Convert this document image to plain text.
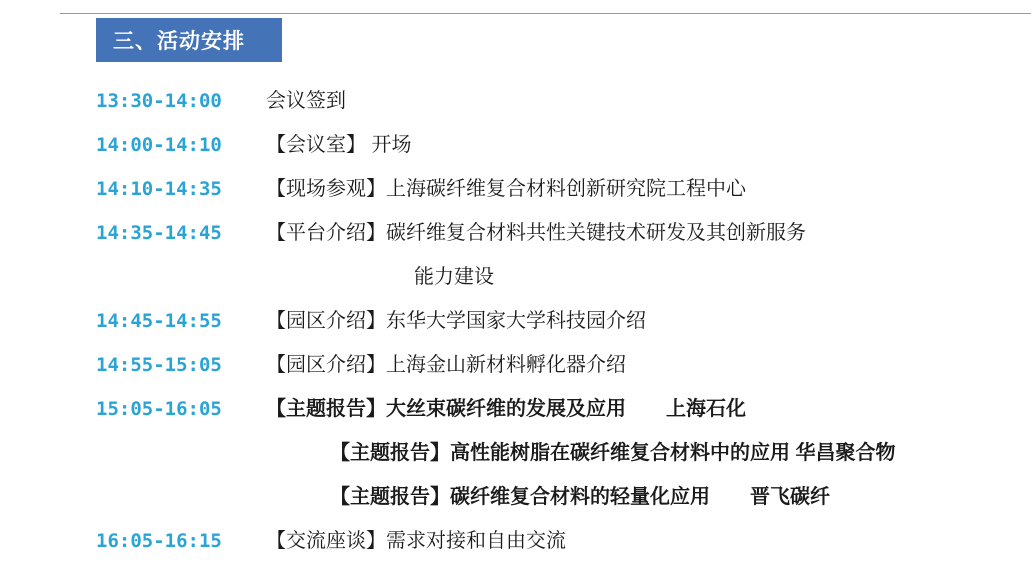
三、活动安排
13:30-14:00	会议签到
14:00-14:10	【会议室】 开场
14:10-14:35	【现场参观】上海碳纤维复合材料创新研究院工程中心
14:35-14:45	【平台介绍】碳纤维复合材料共性关键技术研发及其创新服务
能力建设
14:45-14:55	【园区介绍】东华大学国家大学科技园介绍
14:55-15:05	【园区介绍】上海金山新材料孵化器介绍
15:05-16:05	【主题报告】大丝束碳纤维的发展及应用　　上海石化
【主题报告】高性能树脂在碳纤维复合材料中的应用 华昌聚合物
【主题报告】碳纤维复合材料的轻量化应用　　晋飞碳纤
16:05-16:15	【交流座谈】需求对接和自由交流
